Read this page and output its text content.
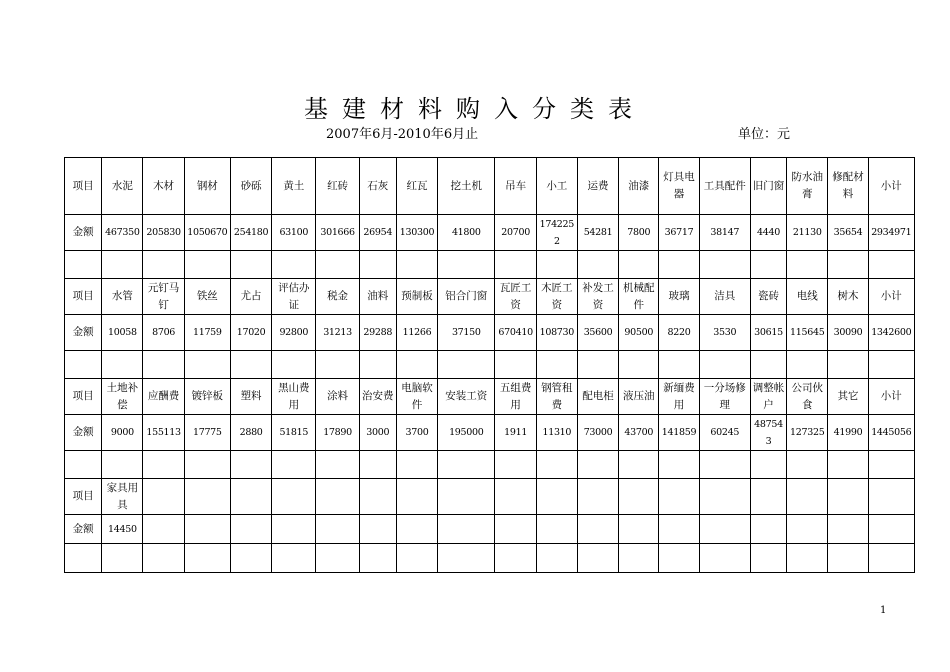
基建材料购入分类表
2007年6月-2010年6月止	单位：元
项目	水泥	木材	钢材	砂砾	黄土	红砖	石灰	红瓦	挖土机	吊车	小工	运费	油漆	灯具电器	工具配件	旧门窗	防水油膏	修配材料	小计
金额	467350	205830	1050670	254180	63100	301666	26954	130300	41800	20700	1742252	54281	7800	36717	38147	4440	21130	35654	2934971

项目	水管	元钉马钉	铁丝	尤占	评估办证	税金	油料	预制板	铝合门窗	瓦匠工资	木匠工资	补发工资	机械配件	玻璃	洁具	瓷砖	电线	树木	小计
金额	10058	8706	11759	17020	92800	31213	29288	11266	37150	670410	108730	35600	90500	8220	3530	30615	115645	30090	1342600

项目	土地补偿	应酬费	镀锌板	塑料	黑山费用	涂料	治安费	电脑软件	安装工资	五组费用	钢管租费	配电柜	液压油	新缅费用	一分场修理	调整帐户	公司伙食	其它	小计
金额	9000	155113	17775	2880	51815	17890	3000	3700	195000	1911	11310	73000	43700	141859	60245	487543	127325	41990	1445056

项目	家具用具																		
金额	14450																		

1
